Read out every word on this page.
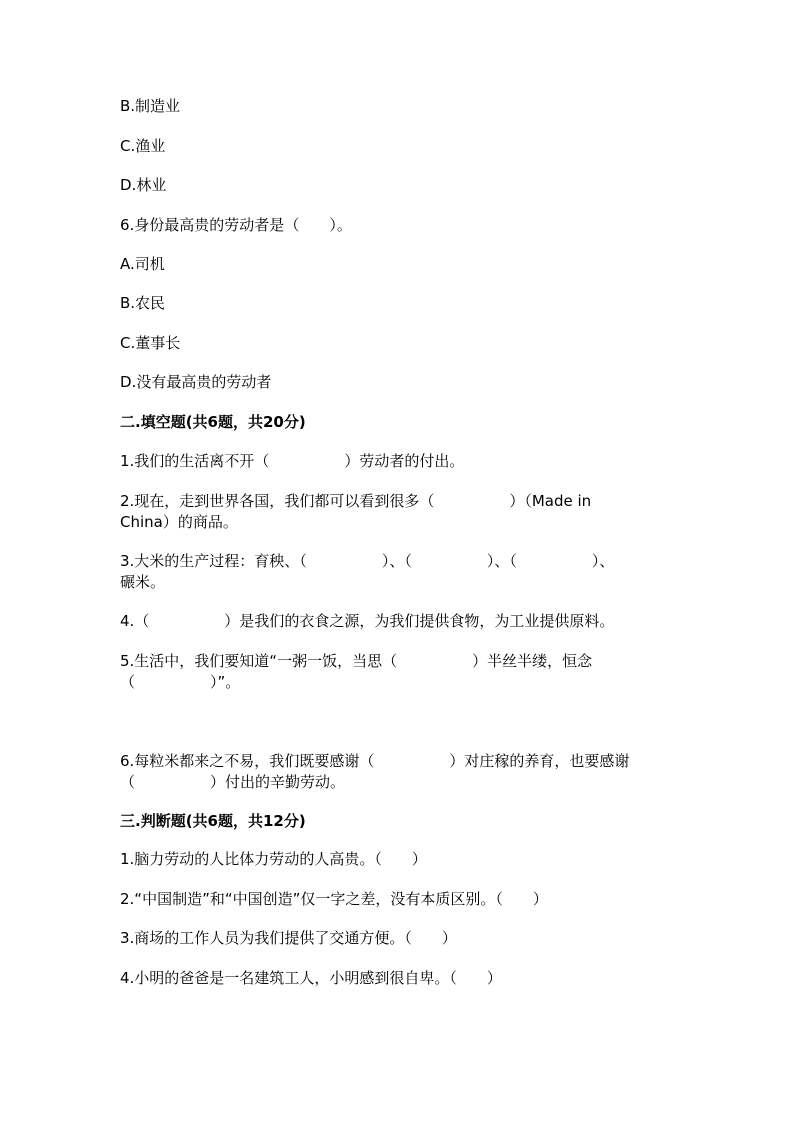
B.制造业
C.渔业
D.林业
6.身份最高贵的劳动者是（　　）。
A.司机
B.农民
C.董事长
D.没有最高贵的劳动者
二.填空题(共6题，共20分)
1.我们的生活离不开（　　　　　）劳动者的付出。
2.现在，走到世界各国，我们都可以看到很多（　　　　　）（Made in
China）的商品。
3.大米的生产过程：育秧、（　　　　　）、（　　　　　）、（　　　　　）、
碾米。
4.（　　　　　）是我们的衣食之源，为我们提供食物，为工业提供原料。
5.生活中，我们要知道“一粥一饭，当思（　　　　　）半丝半缕，恒念
（　　　　　）”。
6.每粒米都来之不易，我们既要感谢（　　　　　）对庄稼的养育，也要感谢
（　　　　　）付出的辛勤劳动。
三.判断题(共6题，共12分)
1.脑力劳动的人比体力劳动的人高贵。（　　）
2.“中国制造”和“中国创造”仅一字之差，没有本质区别。（　　）
3.商场的工作人员为我们提供了交通方便。（　　）
4.小明的爸爸是一名建筑工人，小明感到很自卑。（　　）
